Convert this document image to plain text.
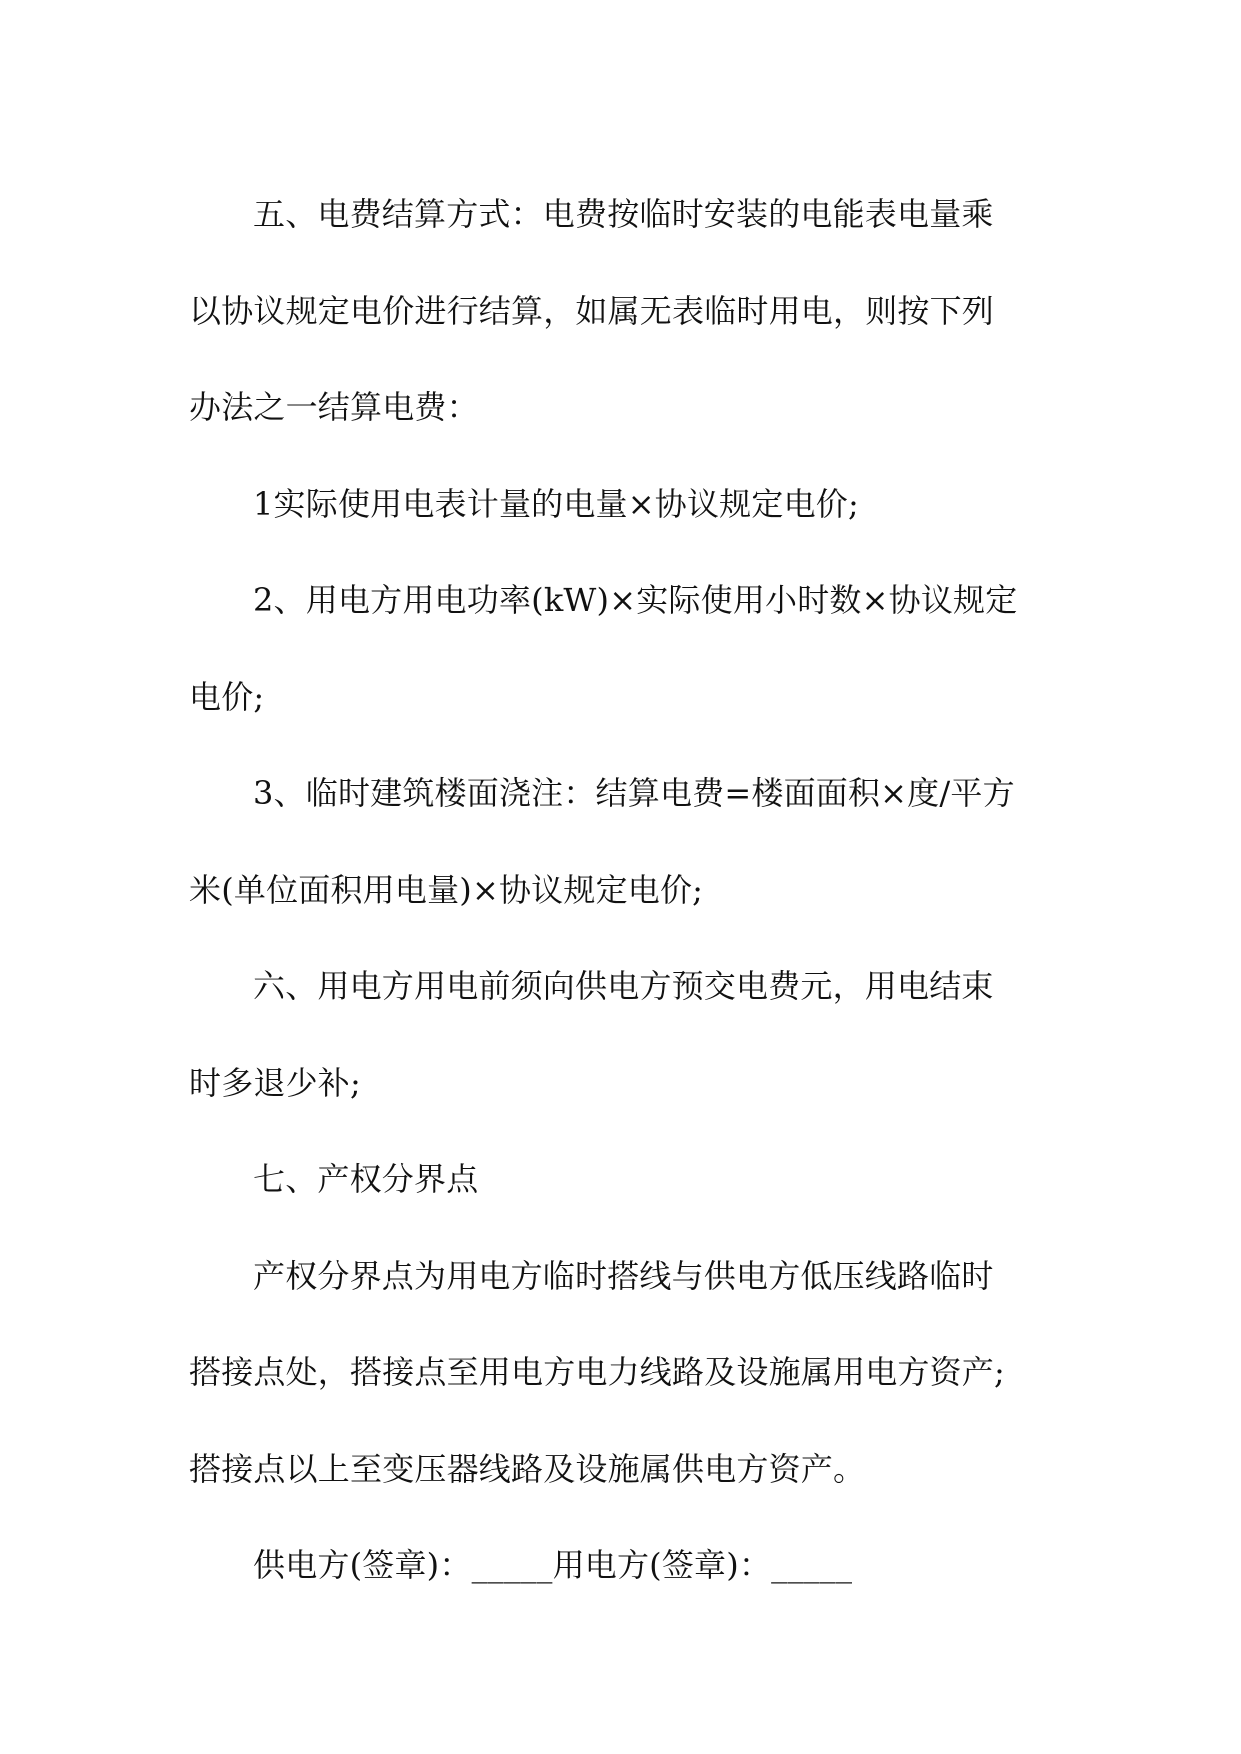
五、电费结算方式：电费按临时安装的电能表电量乘

以协议规定电价进行结算，如属无表临时用电，则按下列

办法之一结算电费：

1实际使用电表计量的电量×协议规定电价;

2、用电方用电功率(kW)×实际使用小时数×协议规定

电价;

3、临时建筑楼面浇注：结算电费=楼面面积×度/平方

米(单位面积用电量)×协议规定电价;

六、用电方用电前须向供电方预交电费元，用电结束

时多退少补;

七、产权分界点

产权分界点为用电方临时搭线与供电方低压线路临时

搭接点处，搭接点至用电方电力线路及设施属用电方资产;

搭接点以上至变压器线路及设施属供电方资产。

供电方(签章)：_____用电方(签章)：_____
